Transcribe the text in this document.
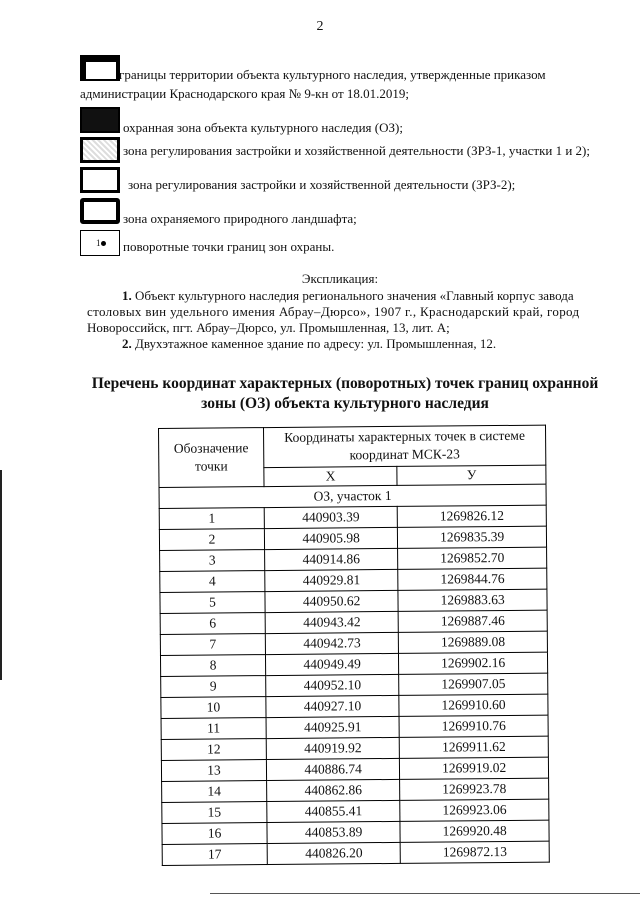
2
границы территории объекта культурного наследия, утвержденные приказом
администрации Краснодарского края № 9-кн от 18.01.2019;
охранная зона объекта культурного наследия (ОЗ);
зона регулирования застройки и хозяйственной деятельности (ЗРЗ-1, участки 1 и 2);
зона регулирования застройки и хозяйственной деятельности (ЗРЗ-2);
зона охраняемого природного ландшафта;
1 поворотные точки границ зон охраны.
Экспликация:
1. Объект культурного наследия регионального значения «Главный корпус завода
столовых вин удельного имения Абрау–Дюрсо», 1907 г., Краснодарский край, город
Новороссийск, пгт. Абрау–Дюрсо, ул. Промышленная, 13, лит. А;
2. Двухэтажное каменное здание по адресу: ул. Промышленная, 12.
Перечень координат характерных (поворотных) точек границ охранной
зоны (ОЗ) объекта культурного наследия
Обозначение точки	Координаты характерных точек в системе координат МСК-23	
	X	У
ОЗ, участок 1		
1	440903.39	1269826.12
2	440905.98	1269835.39
3	440914.86	1269852.70
4	440929.81	1269844.76
5	440950.62	1269883.63
6	440943.42	1269887.46
7	440942.73	1269889.08
8	440949.49	1269902.16
9	440952.10	1269907.05
10	440927.10	1269910.60
11	440925.91	1269910.76
12	440919.92	1269911.62
13	440886.74	1269919.02
14	440862.86	1269923.78
15	440855.41	1269923.06
16	440853.89	1269920.48
17	440826.20	1269872.13
